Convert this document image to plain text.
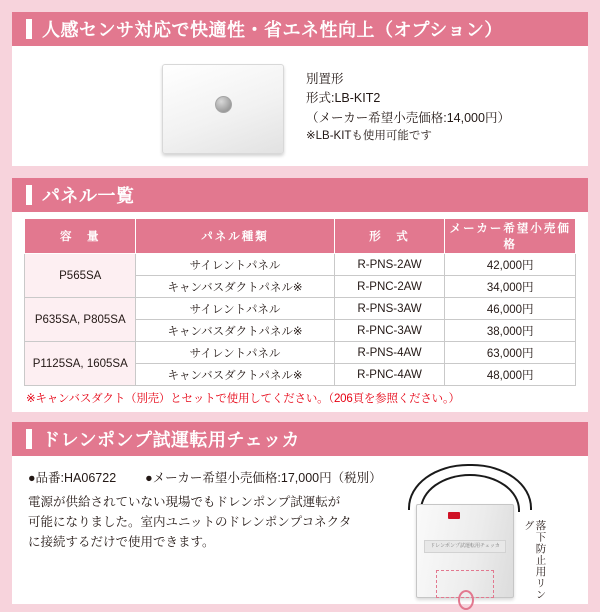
人感センサ対応で快適性・省エネ性向上（オプション）
別置形
形式:LB-KIT2
（メーカー希望小売価格:14,000円）
※LB-KITも使用可能です
パネル一覧
容　量	パネル種類	形　式	メーカー希望小売価格
P565SA	サイレントパネル	R-PNS-2AW	42,000円
	キャンバスダクトパネル※	R-PNC-2AW	34,000円
P635SA, P805SA	サイレントパネル	R-PNS-3AW	46,000円
	キャンバスダクトパネル※	R-PNC-3AW	38,000円
P1125SA, 1605SA	サイレントパネル	R-PNS-4AW	63,000円
	キャンバスダクトパネル※	R-PNC-4AW	48,000円
※キャンバスダクト（別売）とセットで使用してください。（206頁を参照ください。）
ドレンポンプ試運転用チェッカ
ドレンポンプ試運転用チェッカ	落下防止用リング
●品番:HA06722 ●メーカー希望小売価格:17,000円（税別）
電源が供給されていない現場でもドレンポンプ試運転が
可能になりました。室内ユニットのドレンポンプコネクタ
に接続するだけで使用できます。
